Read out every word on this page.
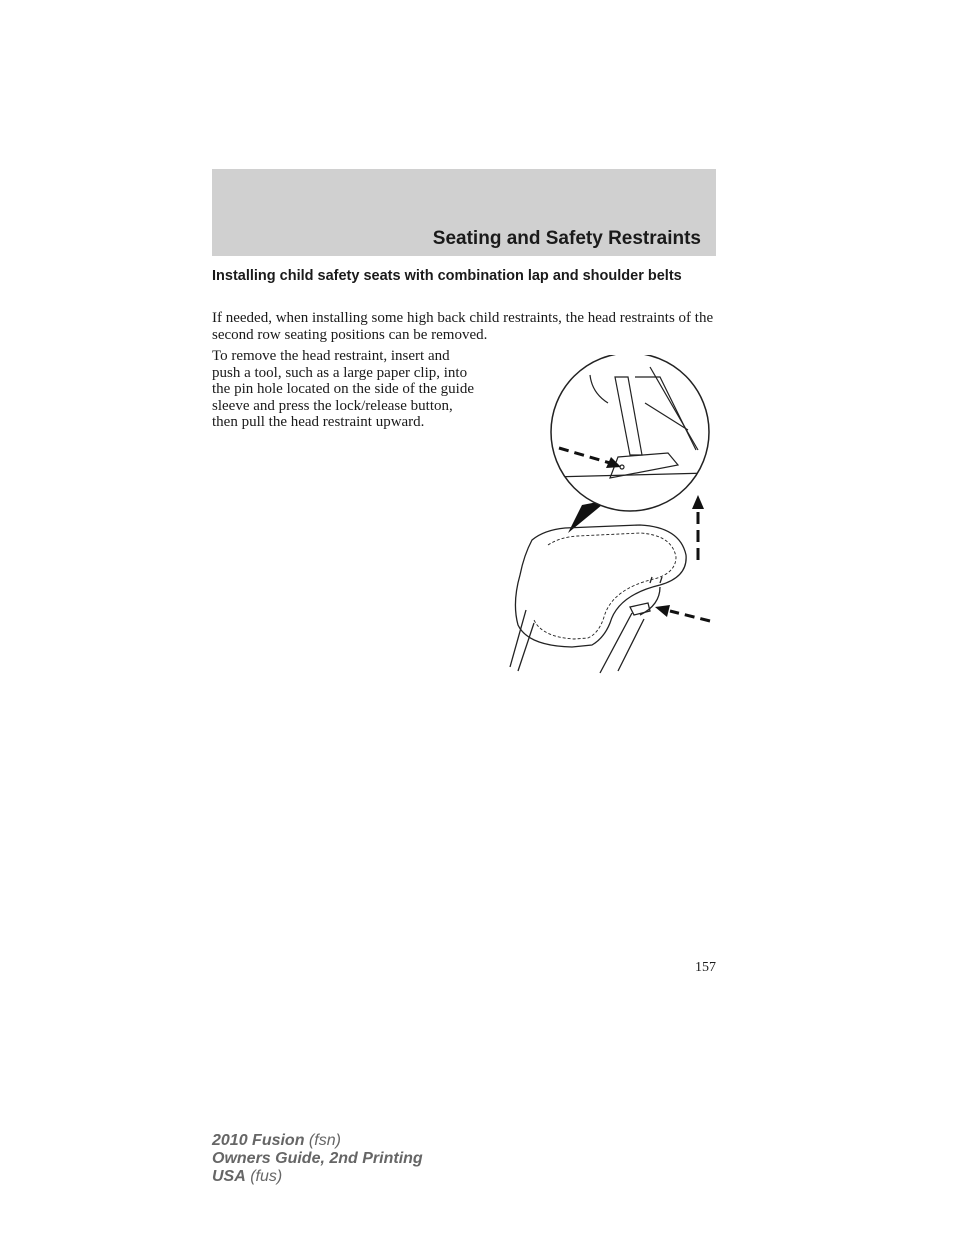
Seating and Safety Restraints
Installing child safety seats with combination lap and shoulder belts

If needed, when installing some high back child restraints, the head restraints of the second row seating positions can be removed.

To remove the head restraint, insert and push a tool, such as a large paper clip, into the pin hole located on the side of the guide sleeve and press the lock/release button, then pull the head restraint upward.

157

2010 Fusion (fsn)
Owners Guide, 2nd Printing
USA (fus)
